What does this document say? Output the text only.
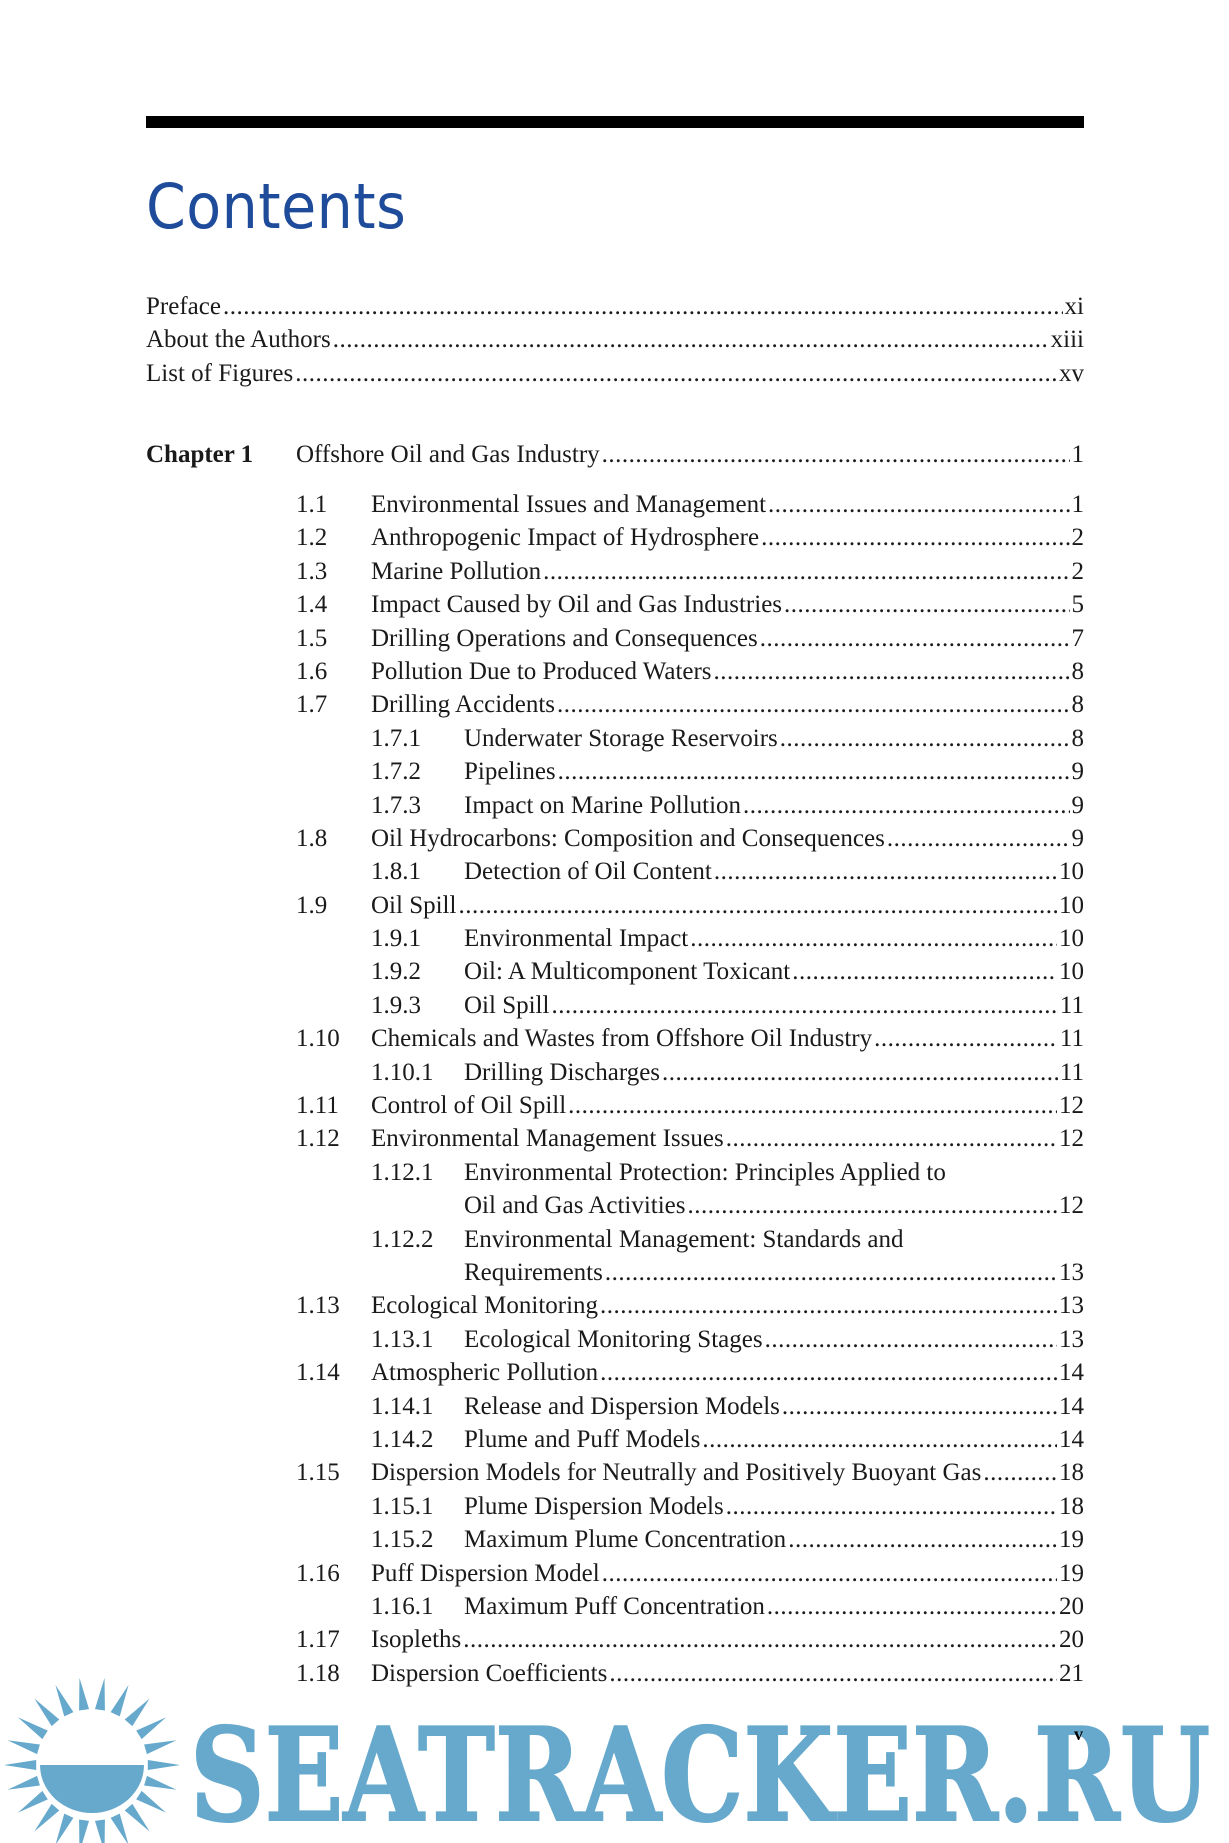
Contents
Preface .....	xi
About the Authors .....	xiii
List of Figures .....	xv
Chapter 1	Offshore Oil and Gas Industry .....	1
1.1	Environmental Issues and Management .....	1
1.2	Anthropogenic Impact of Hydrosphere .....	2
1.3	Marine Pollution .....	2
1.4	Impact Caused by Oil and Gas Industries .....	5
1.5	Drilling Operations and Consequences .....	7
1.6	Pollution Due to Produced Waters .....	8
1.7	Drilling Accidents .....	8
1.7.1	Underwater Storage Reservoirs .....	8
1.7.2	Pipelines .....	9
1.7.3	Impact on Marine Pollution .....	9
1.8	Oil Hydrocarbons: Composition and Consequences .....	9
1.8.1	Detection of Oil Content .....	10
1.9	Oil Spill .....	10
1.9.1	Environmental Impact .....	10
1.9.2	Oil: A Multicomponent Toxicant .....	10
1.9.3	Oil Spill .....	11
1.10	Chemicals and Wastes from Offshore Oil Industry .....	11
1.10.1	Drilling Discharges .....	11
1.11	Control of Oil Spill .....	12
1.12	Environmental Management Issues .....	12
1.12.1	Environmental Protection: Principles Applied to
Oil and Gas Activities .....	12
1.12.2	Environmental Management: Standards and
Requirements .....	13
1.13	Ecological Monitoring .....	13
1.13.1	Ecological Monitoring Stages .....	13
1.14	Atmospheric Pollution .....	14
1.14.1	Release and Dispersion Models .....	14
1.14.2	Plume and Puff Models .....	14
1.15	Dispersion Models for Neutrally and Positively Buoyant Gas .....	18
1.15.1	Plume Dispersion Models .....	18
1.15.2	Maximum Plume Concentration .....	19
1.16	Puff Dispersion Model .....	19
1.16.1	Maximum Puff Concentration .....	20
1.17	Isopleths .....	20
1.18	Dispersion Coefficients .....	21
SEATRACKER.RU
v
